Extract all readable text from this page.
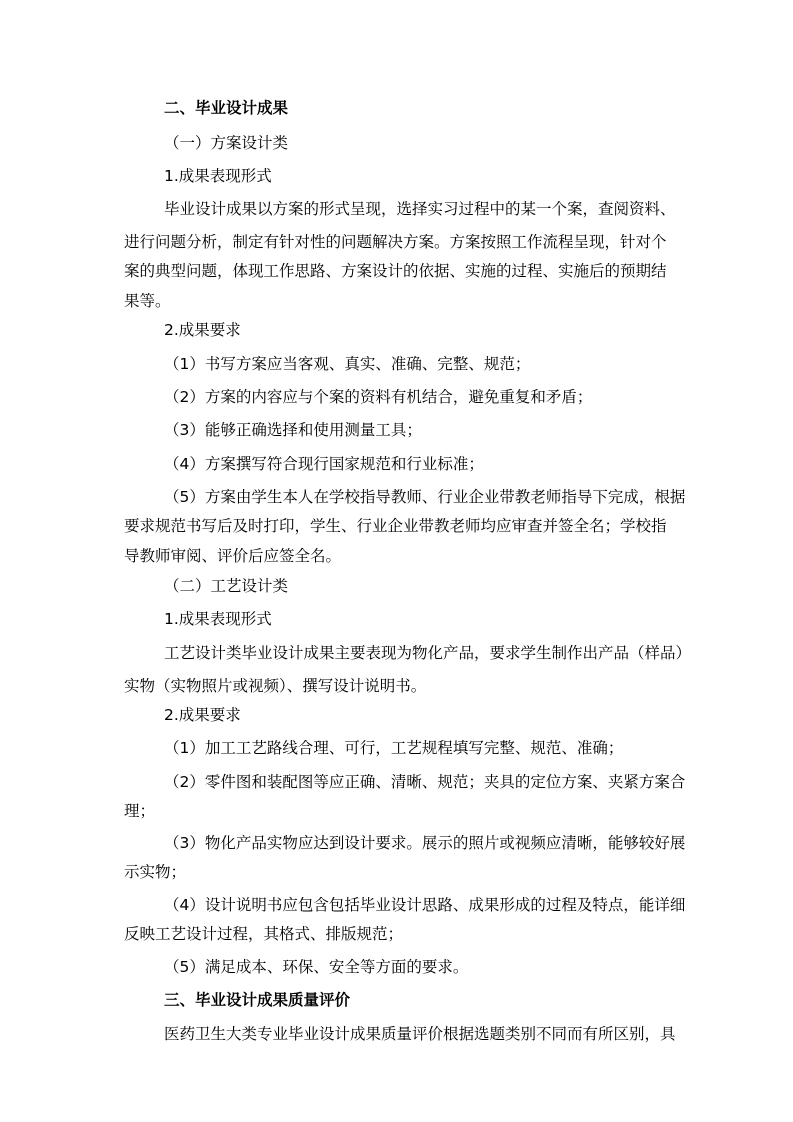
二、毕业设计成果
（一）方案设计类
1.成果表现形式
毕业设计成果以方案的形式呈现，选择实习过程中的某一个案，查阅资料、
进行问题分析，制定有针对性的问题解决方案。方案按照工作流程呈现，针对个
案的典型问题，体现工作思路、方案设计的依据、实施的过程、实施后的预期结
果等。
2.成果要求
（1）书写方案应当客观、真实、准确、完整、规范；
（2）方案的内容应与个案的资料有机结合，避免重复和矛盾；
（3）能够正确选择和使用测量工具；
（4）方案撰写符合现行国家规范和行业标准；
（5）方案由学生本人在学校指导教师、行业企业带教老师指导下完成，根据
要求规范书写后及时打印，学生、行业企业带教老师均应审查并签全名；学校指
导教师审阅、评价后应签全名。
（二）工艺设计类
1.成果表现形式
工艺设计类毕业设计成果主要表现为物化产品，要求学生制作出产品（样品）
实物（实物照片或视频）、撰写设计说明书。
2.成果要求
（1）加工工艺路线合理、可行，工艺规程填写完整、规范、准确；
（2）零件图和装配图等应正确、清晰、规范；夹具的定位方案、夹紧方案合
理；
（3）物化产品实物应达到设计要求。展示的照片或视频应清晰，能够较好展
示实物；
（4）设计说明书应包含包括毕业设计思路、成果形成的过程及特点，能详细
反映工艺设计过程，其格式、排版规范；
（5）满足成本、环保、安全等方面的要求。
三、毕业设计成果质量评价
医药卫生大类专业毕业设计成果质量评价根据选题类别不同而有所区别，具
